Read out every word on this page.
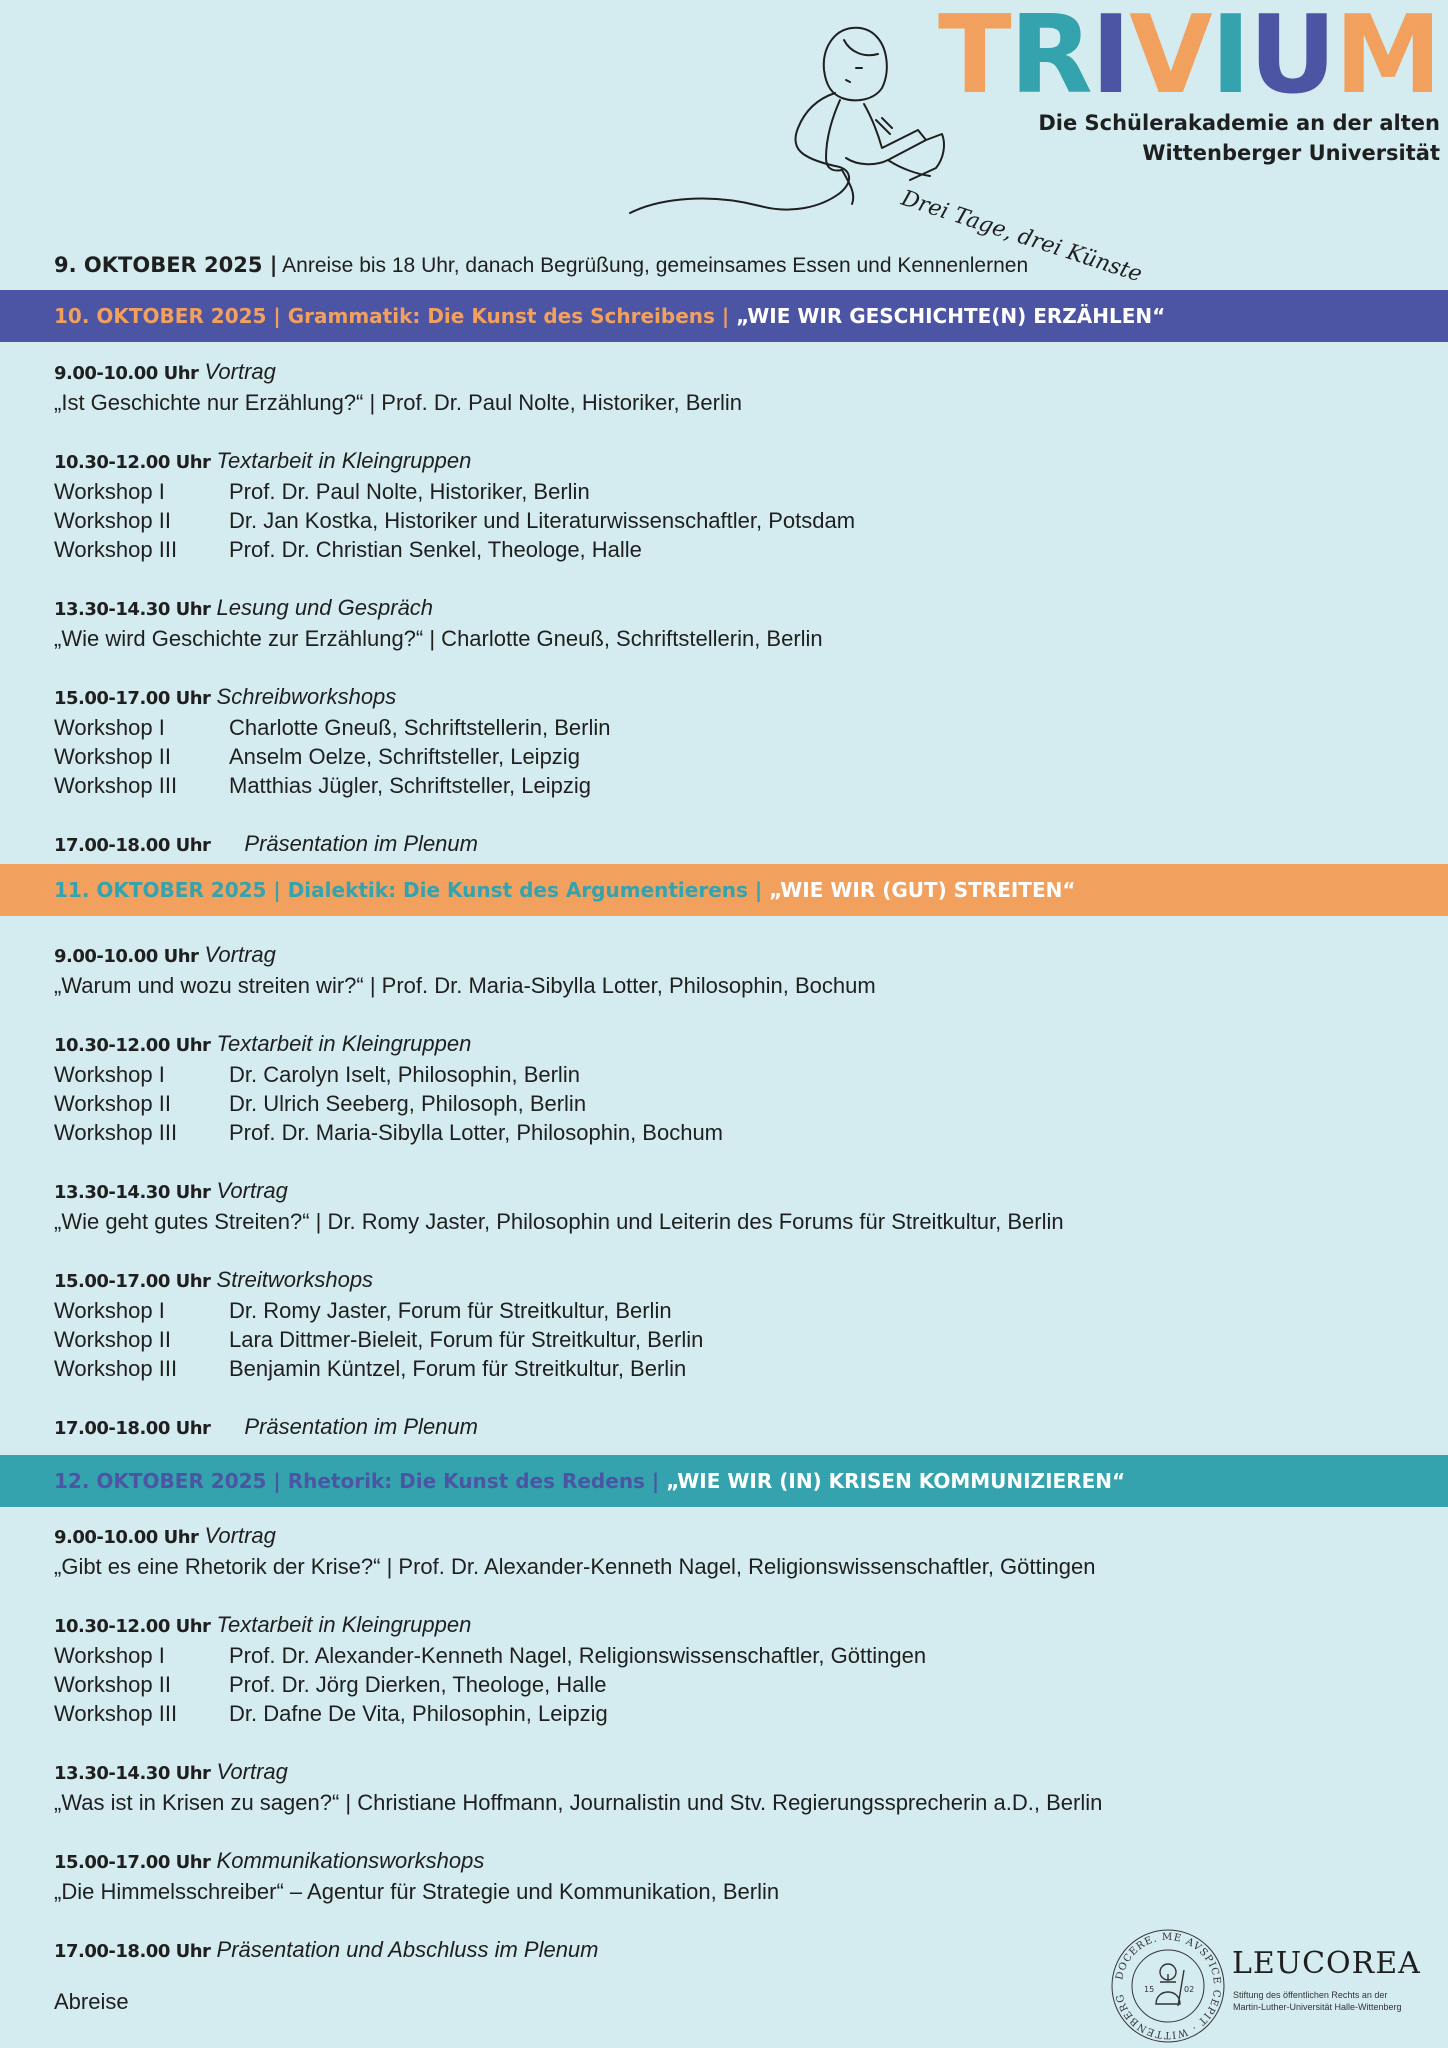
Drei Tage, drei Künste
T R I V I U M
Die Schülerakademie an der alten
Wittenberger Universität
9. OKTOBER 2025 | Anreise bis 18 Uhr, danach Begrüßung, gemeinsames Essen und Kennenlernen
10. OKTOBER 2025 | Grammatik: Die Kunst des Schreibens |
„WIE WIR GESCHICHTE(N) ERZÄHLEN“
9.00-10.00 Uhr Vortrag
„Ist Geschichte nur Erzählung?“ | Prof. Dr. Paul Nolte, Historiker, Berlin
10.30-12.00 Uhr Textarbeit in Kleingruppen
Workshop I	Prof. Dr. Paul Nolte, Historiker, Berlin
Workshop II	Dr. Jan Kostka, Historiker und Literaturwissenschaftler, Potsdam
Workshop III	Prof. Dr. Christian Senkel, Theologe, Halle
13.30-14.30 Uhr Lesung und Gespräch
„Wie wird Geschichte zur Erzählung?“ | Charlotte Gneuß, Schriftstellerin, Berlin
15.00-17.00 Uhr Schreibworkshops
Workshop I	Charlotte Gneuß, Schriftstellerin, Berlin
Workshop II	Anselm Oelze, Schriftsteller, Leipzig
Workshop III	Matthias Jügler, Schriftsteller, Leipzig
17.00-18.00 Uhr Präsentation im Plenum
11. OKTOBER 2025 | Dialektik: Die Kunst des Argumentierens |
„WIE WIR (GUT) STREITEN“
9.00-10.00 Uhr Vortrag
„Warum und wozu streiten wir?“ | Prof. Dr. Maria-Sibylla Lotter, Philosophin, Bochum
10.30-12.00 Uhr Textarbeit in Kleingruppen
Workshop I	Dr. Carolyn Iselt, Philosophin, Berlin
Workshop II	Dr. Ulrich Seeberg, Philosoph, Berlin
Workshop III	Prof. Dr. Maria-Sibylla Lotter, Philosophin, Bochum
13.30-14.30 Uhr Vortrag
„Wie geht gutes Streiten?“ | Dr. Romy Jaster, Philosophin und Leiterin des Forums für Streitkultur, Berlin
15.00-17.00 Uhr Streitworkshops
Workshop I	Dr. Romy Jaster, Forum für Streitkultur, Berlin
Workshop II	Lara Dittmer-Bieleit, Forum für Streitkultur, Berlin
Workshop III	Benjamin Küntzel, Forum für Streitkultur, Berlin
17.00-18.00 Uhr Präsentation im Plenum
12. OKTOBER 2025 | Rhetorik: Die Kunst des Redens |
„WIE WIR (IN) KRISEN KOMMUNIZIEREN“
9.00-10.00 Uhr Vortrag
„Gibt es eine Rhetorik der Krise?“ | Prof. Dr. Alexander-Kenneth Nagel, Religionswissenschaftler, Göttingen
10.30-12.00 Uhr Textarbeit in Kleingruppen
Workshop I	Prof. Dr. Alexander-Kenneth Nagel, Religionswissenschaftler, Göttingen
Workshop II	Prof. Dr. Jörg Dierken, Theologe, Halle
Workshop III	Dr. Dafne De Vita, Philosophin, Leipzig
13.30-14.30 Uhr Vortrag
„Was ist in Krisen zu sagen?“ | Christiane Hoffmann, Journalistin und Stv. Regierungssprecherin a.D., Berlin
15.00-17.00 Uhr Kommunikationsworkshops
„Die Himmelsschreiber“ – Agentur für Strategie und Kommunikation, Berlin
17.00-18.00 Uhr Präsentation und Abschluss im Plenum
Abreise
DOCERE. ME AVSPICE CEPIT · WITTENBERG
15	02
LEUCOREA
Stiftung des öffentlichen Rechts an der
Martin-Luther-Universität Halle-Wittenberg
